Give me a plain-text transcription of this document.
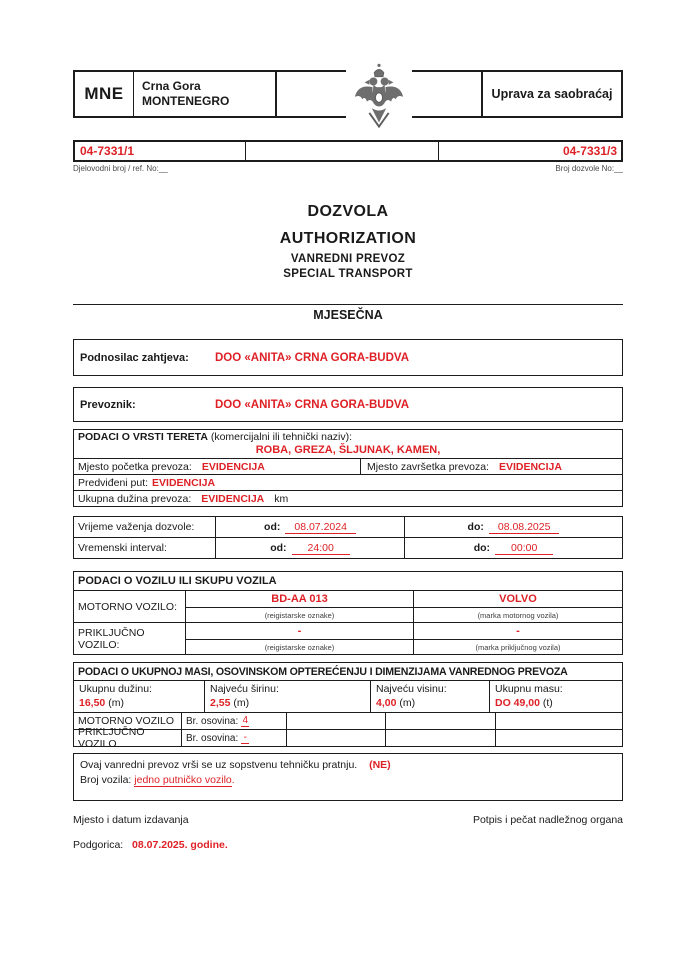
MNE	Crna Gora
MONTENEGRO	Uprava za saobraćaj
04-7331/1	04-7331/3
Djelovodni broj / ref. No:__	Broj dozvole No:__
DOZVOLA
AUTHORIZATION
VANREDNI PREVOZ
SPECIAL TRANSPORT
MJESEČNA
Podnosilac zahtjeva:	DOO «ANITA» CRNA GORA-BUDVA
Prevoznik:	DOO «ANITA» CRNA GORA-BUDVA
PODACI O VRSTI TERETA (komercijalni ili tehnički naziv):
ROBA, GREZA, ŠLJUNAK, KAMEN,
Mjesto početka prevoza: EVIDENCIJA	Mjesto završetka prevoza: EVIDENCIJA
Predviđeni put: EVIDENCIJA
Ukupna dužina prevoza: EVIDENCIJA km
Vrijeme važenja dozvole:	od:	08.07.2024	do:	08.08.2025
Vremenski interval:	od:	24:00	do:	00:00
PODACI O VOZILU ILI SKUPU VOZILA
MOTORNO VOZILO:
BD-AA 013	VOLVO
(reigistarske oznake)	(marka motornog vozila)
PRIKLJUČNO VOZILO:
-	-
(reigistarske oznake)	(marka priključnog vozila)
PODACI O UKUPNOJ MASI, OSOVINSKOM OPTEREĆENJU I DIMENZIJAMA VANREDNOG PREVOZA
Ukupnu dužinu:
16,50 (m)
Najveću širinu:
2,55 (m)
Najveću visinu:
4,00 (m)
Ukupnu masu:
DO 49,00 (t)
MOTORNO VOZILO	Br. osovina: 4
PRIKLJUČNO VOZILO	Br. osovina: -
Ovaj vanredni prevoz vrši se uz sopstvenu tehničku pratnju. (NE)
Broj vozila: jedno putničko vozilo.
Mjesto i datum izdavanja	Potpis i pečat nadležnog organa
Podgorica: 08.07.2025. godine.
